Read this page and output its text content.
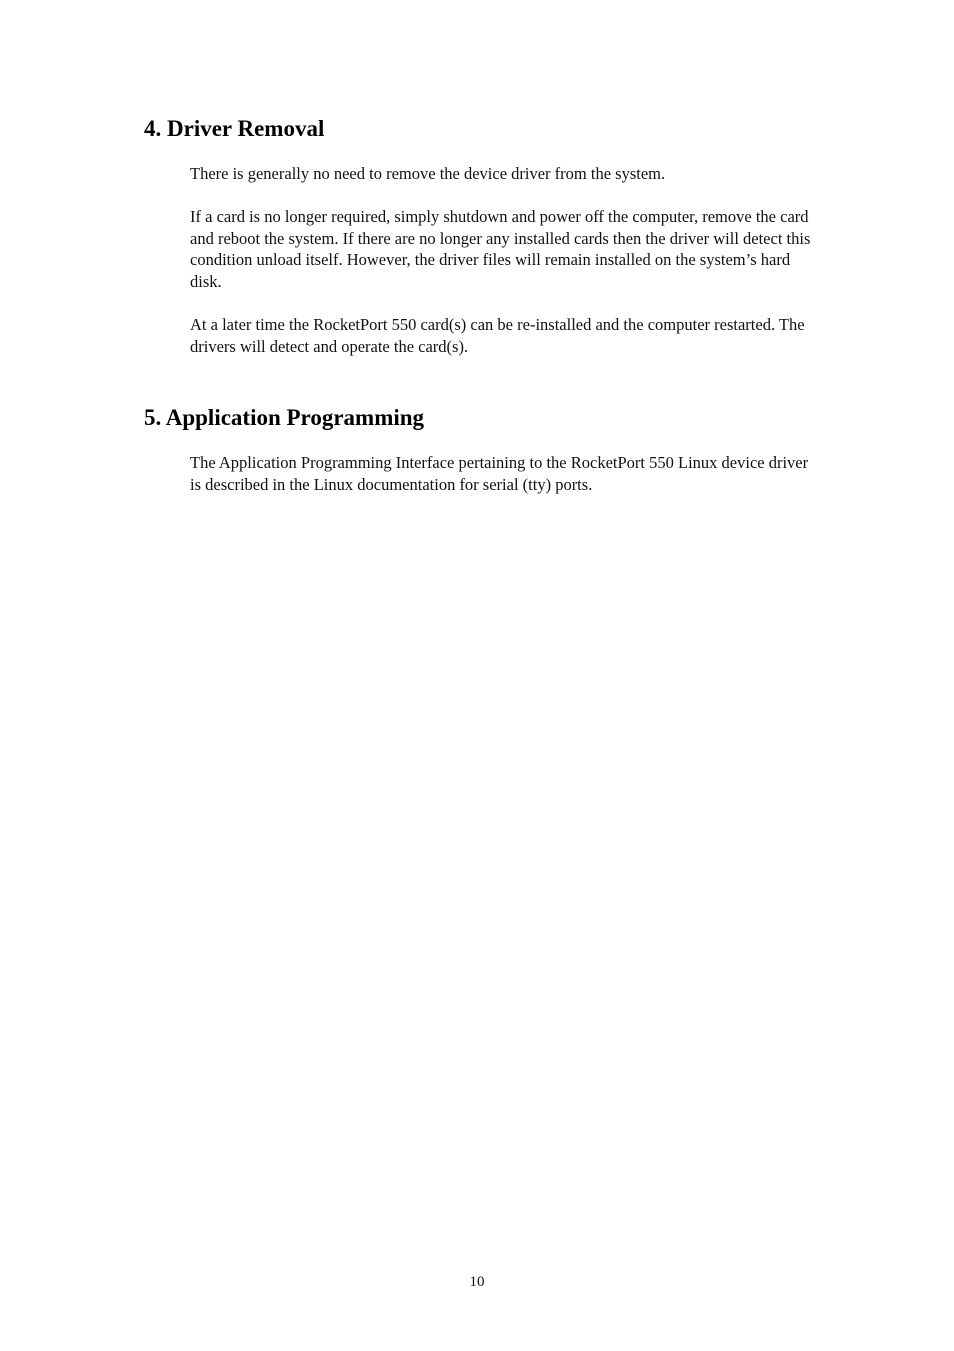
4. Driver Removal

There is generally no need to remove the device driver from the system.

If a card is no longer required, simply shutdown and power off the computer, remove the card and reboot the system. If there are no longer any installed cards then the driver will detect this condition unload itself. However, the driver files will remain installed on the system’s hard disk.

At a later time the RocketPort 550 card(s) can be re-installed and the computer restarted. The drivers will detect and operate the card(s).

5. Application Programming

The Application Programming Interface pertaining to the RocketPort 550 Linux device driver is described in the Linux documentation for serial (tty) ports.

10
